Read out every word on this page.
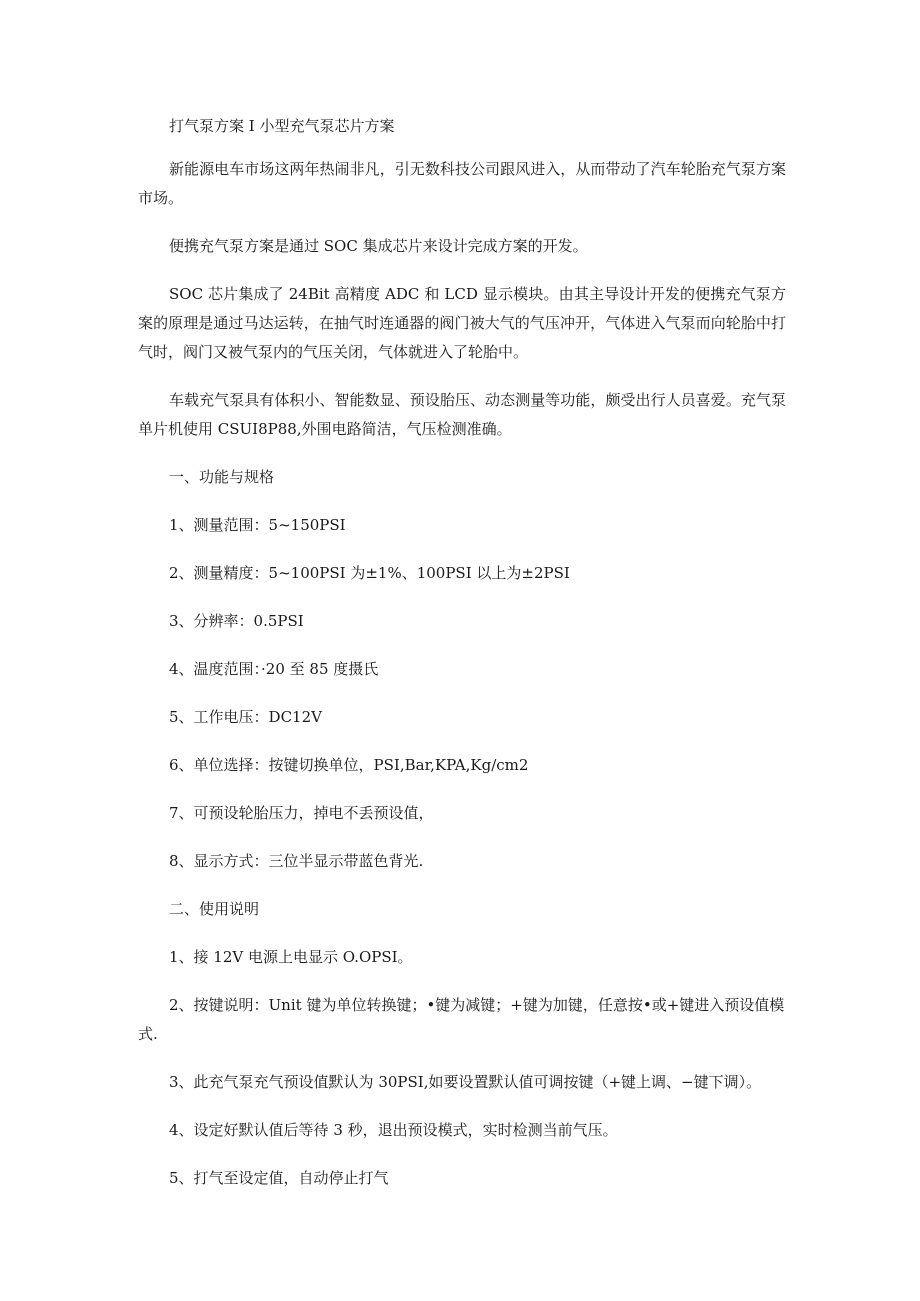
打气泵方案 I 小型充气泵芯片方案

新能源电车市场这两年热闹非凡，引无数科技公司跟风进入，从而带动了汽车轮胎充气泵方案市场。

便携充气泵方案是通过 SOC 集成芯片来设计完成方案的开发。

SOC 芯片集成了 24Bit 高精度 ADC 和 LCD 显示模块。由其主导设计开发的便携充气泵方案的原理是通过马达运转，在抽气时连通器的阀门被大气的气压冲开，气体进入气泵而向轮胎中打气时，阀门又被气泵内的气压关闭，气体就进入了轮胎中。

车载充气泵具有体积小、智能数显、预设胎压、动态测量等功能，颇受出行人员喜爱。充气泵单片机使用 CSUI8P88,外围电路简洁，气压检测准确。

一、功能与规格

1、测量范围：5~150PSI

2、测量精度：5~100PSI 为±1%、100PSI 以上为±2PSI

3、分辨率：0.5PSI

4、温度范围：·20 至 85 度摄氏

5、工作电压：DC12V

6、单位选择：按键切换单位，PSI,Bar,KPA,Kg/cm2

7、可预设轮胎压力，掉电不丢预设值，

8、显示方式：三位半显示带蓝色背光.

二、使用说明

1、接 12V 电源上电显示 O.OPSI。

2、按键说明：Unit 键为单位转换键；•键为减键；+键为加键，任意按•或+键进入预设值模式.

3、此充气泵充气预设值默认为 30PSI,如要设置默认值可调按键（+键上调、−键下调）。

4、设定好默认值后等待 3 秒，退出预设模式，实时检测当前气压。

5、打气至设定值，自动停止打气
